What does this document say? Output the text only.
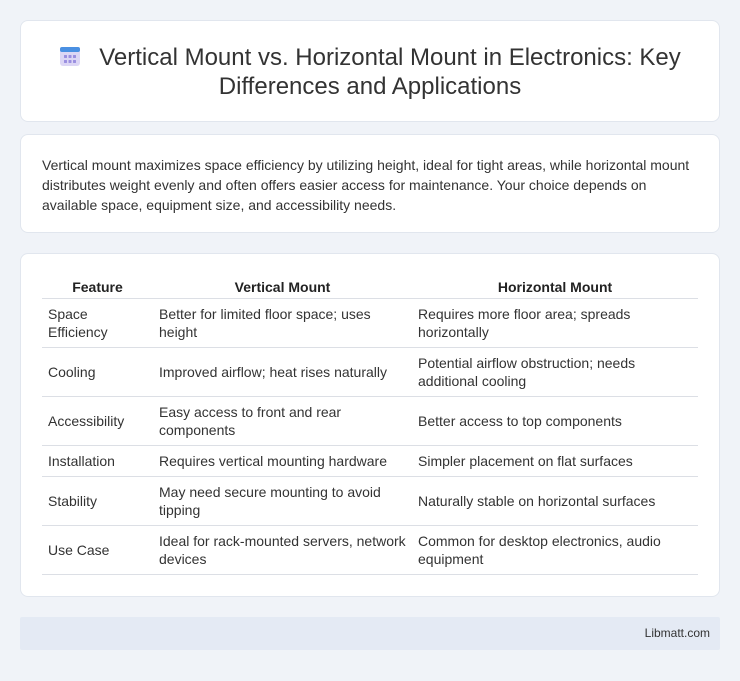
Vertical Mount vs. Horizontal Mount in Electronics: Key Differences and Applications

Vertical mount maximizes space efficiency by utilizing height, ideal for tight areas, while horizontal mount distributes weight evenly and often offers easier access for maintenance. Your choice depends on available space, equipment size, and accessibility needs.

Feature	Vertical Mount	Horizontal Mount
Space Efficiency	Better for limited floor space; uses height	Requires more floor area; spreads horizontally
Cooling	Improved airflow; heat rises naturally	Potential airflow obstruction; needs additional cooling
Accessibility	Easy access to front and rear components	Better access to top components
Installation	Requires vertical mounting hardware	Simpler placement on flat surfaces
Stability	May need secure mounting to avoid tipping	Naturally stable on horizontal surfaces
Use Case	Ideal for rack-mounted servers, network devices	Common for desktop electronics, audio equipment
Libmatt.com
